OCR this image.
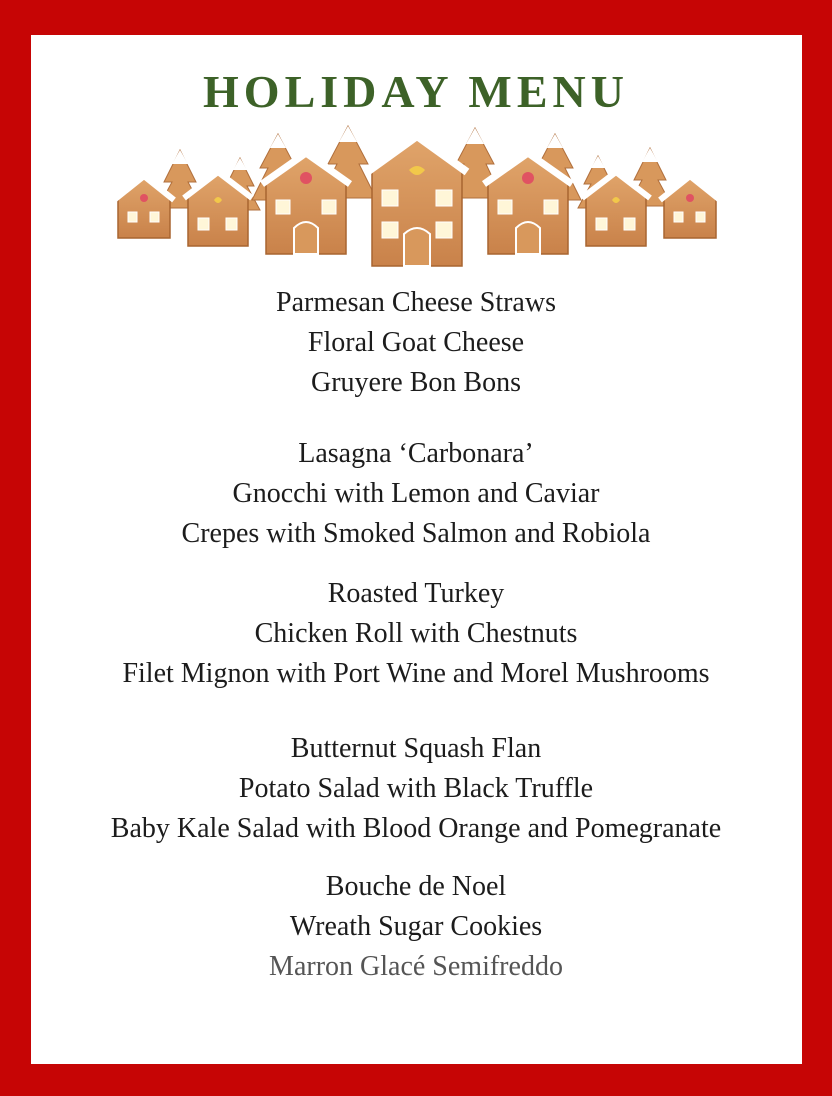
HOLIDAY MENU
Parmesan Cheese Straws
Floral Goat Cheese
Gruyere Bon Bons
Lasagna ‘Carbonara’
Gnocchi with Lemon and Caviar
Crepes with Smoked Salmon and Robiola
Roasted Turkey
Chicken Roll with Chestnuts
Filet Mignon with Port Wine and Morel Mushrooms
Butternut Squash Flan
Potato Salad with Black Truffle
Baby Kale Salad with Blood Orange and Pomegranate
Bouche de Noel
Wreath Sugar Cookies
Marron Glacé Semifreddo
